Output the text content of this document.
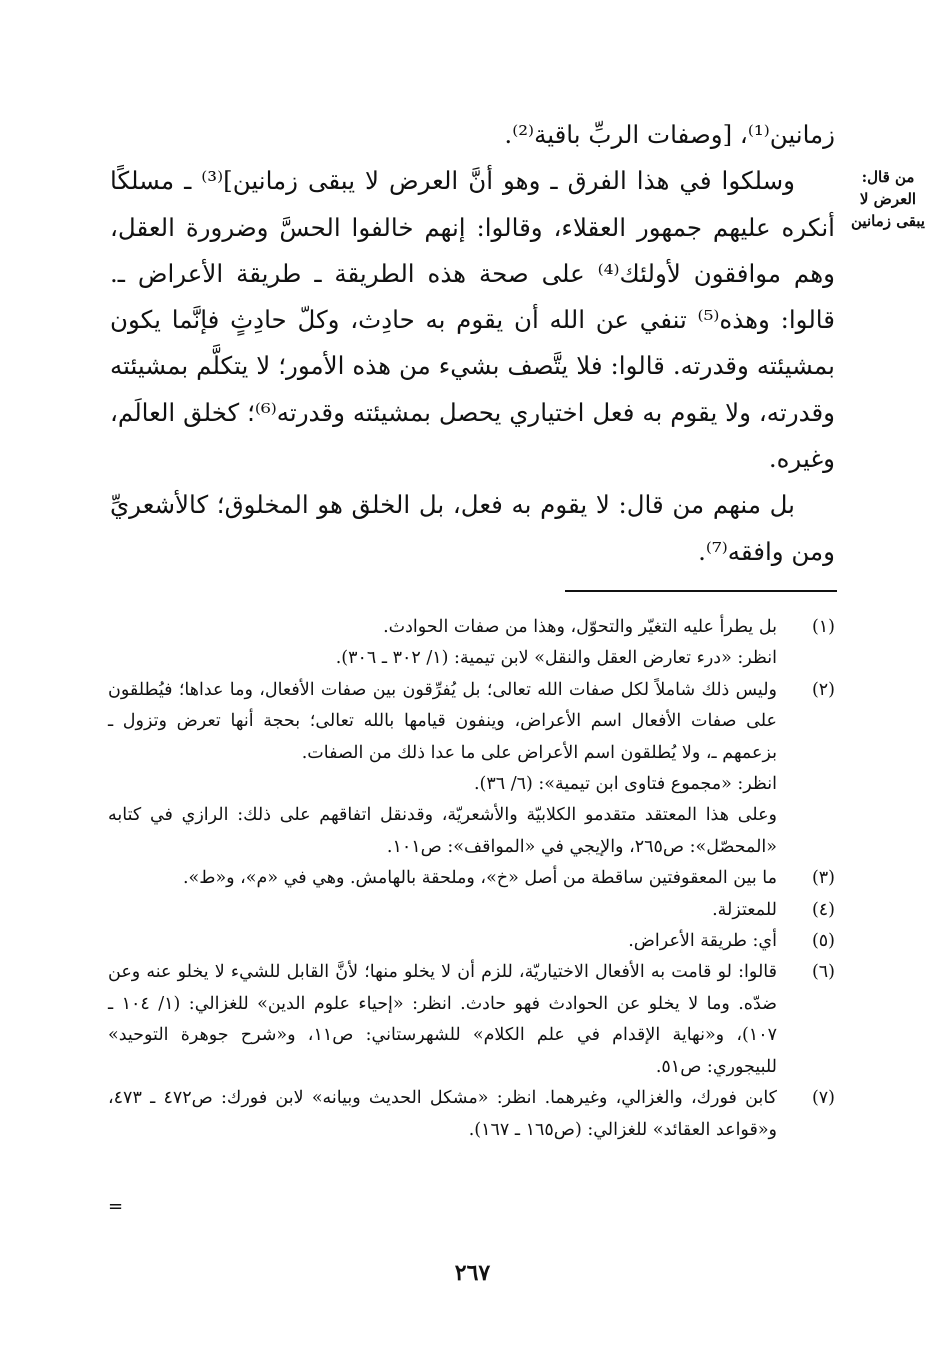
من قال: العرض لا يبقى زمانين

زمانين⁽¹⁾، [وصفات الربِّ باقية⁽²⁾.

وسلكوا في هذا الفرق ـ وهو أنَّ العرض لا يبقى زمانين]⁽³⁾ ـ مسلكًا أنكره عليهم جمهور العقلاء، وقالوا: إنهم خالفوا الحسَّ وضرورة العقل، وهم موافقون لأولئك⁽⁴⁾ على صحة هذه الطريقة ـ طريقة الأعراض ـ. قالوا: وهذه⁽⁵⁾ تنفي عن الله أن يقوم به حادِث، وكلّ حادِثٍ فإنَّما يكون بمشيئته وقدرته. قالوا: فلا يتَّصف بشيء من هذه الأمور؛ لا يتكلَّم بمشيئته وقدرته، ولا يقوم به فعل اختياري يحصل بمشيئته وقدرته⁽⁶⁾؛ كخلق العالَم، وغيره.

بل منهم من قال: لا يقوم به فعل، بل الخلق هو المخلوق؛ كالأشعريِّ ومن وافقه⁽⁷⁾.

(١)
بل يطرأ عليه التغيّر والتحوّل، وهذا من صفات الحوادث.
انظر: «درء تعارض العقل والنقل» لابن تيمية: (١/ ٣٠٢ ـ ٣٠٦).
(٢)
وليس ذلك شاملاً لكل صفات الله تعالى؛ بل يُفرِّقون بين صفات الأفعال، وما عداها؛ فيُطلقون على صفات الأفعال اسم الأعراض، وينفون قيامها بالله تعالى؛ بحجة أنها تعرض وتزول ـ بزعمهم ـ، ولا يُطلقون اسم الأعراض على ما عدا ذلك من الصفات.
انظر: «مجموع فتاوى ابن تيمية»: (٦/ ٣٦).
وعلى هذا المعتقد متقدمو الكلابيّة والأشعريّة، وقدنقل اتفاقهم على ذلك: الرازي في كتابه «المحصّل»: ص٢٦٥، والإيجي في «المواقف»: ص١٠١.
(٣)
ما بين المعقوفتين ساقطة من أصل «خ»، وملحقة بالهامش. وهي في «م»، و«ط».
(٤)
للمعتزلة.
(٥)
أي: طريقة الأعراض.
(٦)
قالوا: لو قامت به الأفعال الاختياريّة، للزم أن لا يخلو منها؛ لأنَّ القابل للشيء لا يخلو عنه وعن ضدّه. وما لا يخلو عن الحوادث فهو حادث. انظر: «إحياء علوم الدين» للغزالي: (١/ ١٠٤ ـ ١٠٧)، و«نهاية الإقدام في علم الكلام» للشهرستاني: ص١١، و«شرح جوهرة التوحيد» للبيجوري: ص٥١.
(٧)
كابن فورك، والغزالي، وغيرهما. انظر: «مشكل الحديث وبيانه» لابن فورك: ص٤٧٢ ـ ٤٧٣، و«قواعد العقائد» للغزالي: (ص١٦٥ ـ ١٦٧).
=
٢٦٧
